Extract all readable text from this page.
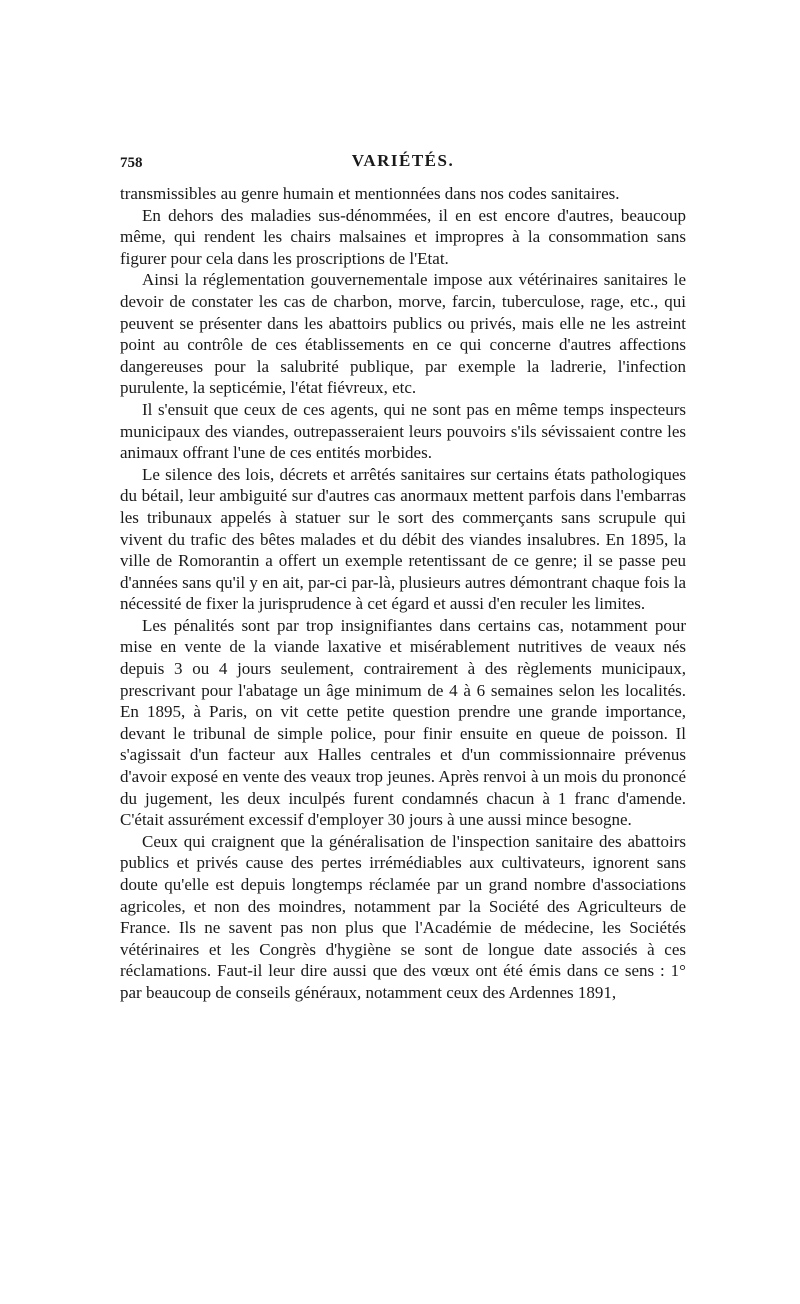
758	VARIÉTÉS.

transmissibles au genre humain et mentionnées dans nos codes sanitaires.

En dehors des maladies sus-dénommées, il en est encore d'autres, beaucoup même, qui rendent les chairs malsaines et impropres à la consommation sans figurer pour cela dans les proscriptions de l'Etat.

Ainsi la réglementation gouvernementale impose aux vétérinaires sanitaires le devoir de constater les cas de charbon, morve, farcin, tuberculose, rage, etc., qui peuvent se présenter dans les abattoirs publics ou privés, mais elle ne les astreint point au contrôle de ces établissements en ce qui concerne d'autres affections dangereuses pour la salubrité publique, par exemple la ladrerie, l'infection purulente, la septicémie, l'état fiévreux, etc.

Il s'ensuit que ceux de ces agents, qui ne sont pas en même temps inspecteurs municipaux des viandes, outrepasseraient leurs pouvoirs s'ils sévissaient contre les animaux offrant l'une de ces entités morbides.

Le silence des lois, décrets et arrêtés sanitaires sur certains états pathologiques du bétail, leur ambiguité sur d'autres cas anormaux mettent parfois dans l'embarras les tribunaux appelés à statuer sur le sort des commerçants sans scrupule qui vivent du trafic des bêtes malades et du débit des viandes insalubres. En 1895, la ville de Romorantin a offert un exemple retentissant de ce genre; il se passe peu d'années sans qu'il y en ait, par-ci par-là, plusieurs autres démontrant chaque fois la nécessité de fixer la jurisprudence à cet égard et aussi d'en reculer les limites.

Les pénalités sont par trop insignifiantes dans certains cas, notamment pour mise en vente de la viande laxative et misérablement nutritives de veaux nés depuis 3 ou 4 jours seulement, contrairement à des règlements municipaux, prescrivant pour l'abatage un âge minimum de 4 à 6 semaines selon les localités. En 1895, à Paris, on vit cette petite question prendre une grande importance, devant le tribunal de simple police, pour finir ensuite en queue de poisson. Il s'agissait d'un facteur aux Halles centrales et d'un commissionnaire prévenus d'avoir exposé en vente des veaux trop jeunes. Après renvoi à un mois du prononcé du jugement, les deux inculpés furent condamnés chacun à 1 franc d'amende. C'était assurément excessif d'employer 30 jours à une aussi mince besogne.

Ceux qui craignent que la généralisation de l'inspection sanitaire des abattoirs publics et privés cause des pertes irrémédiables aux cultivateurs, ignorent sans doute qu'elle est depuis longtemps réclamée par un grand nombre d'associations agricoles, et non des moindres, notamment par la Société des Agriculteurs de France. Ils ne savent pas non plus que l'Académie de médecine, les Sociétés vétérinaires et les Congrès d'hygiène se sont de longue date associés à ces réclamations. Faut-il leur dire aussi que des vœux ont été émis dans ce sens : 1° par beaucoup de conseils généraux, notamment ceux des Ardennes 1891,
